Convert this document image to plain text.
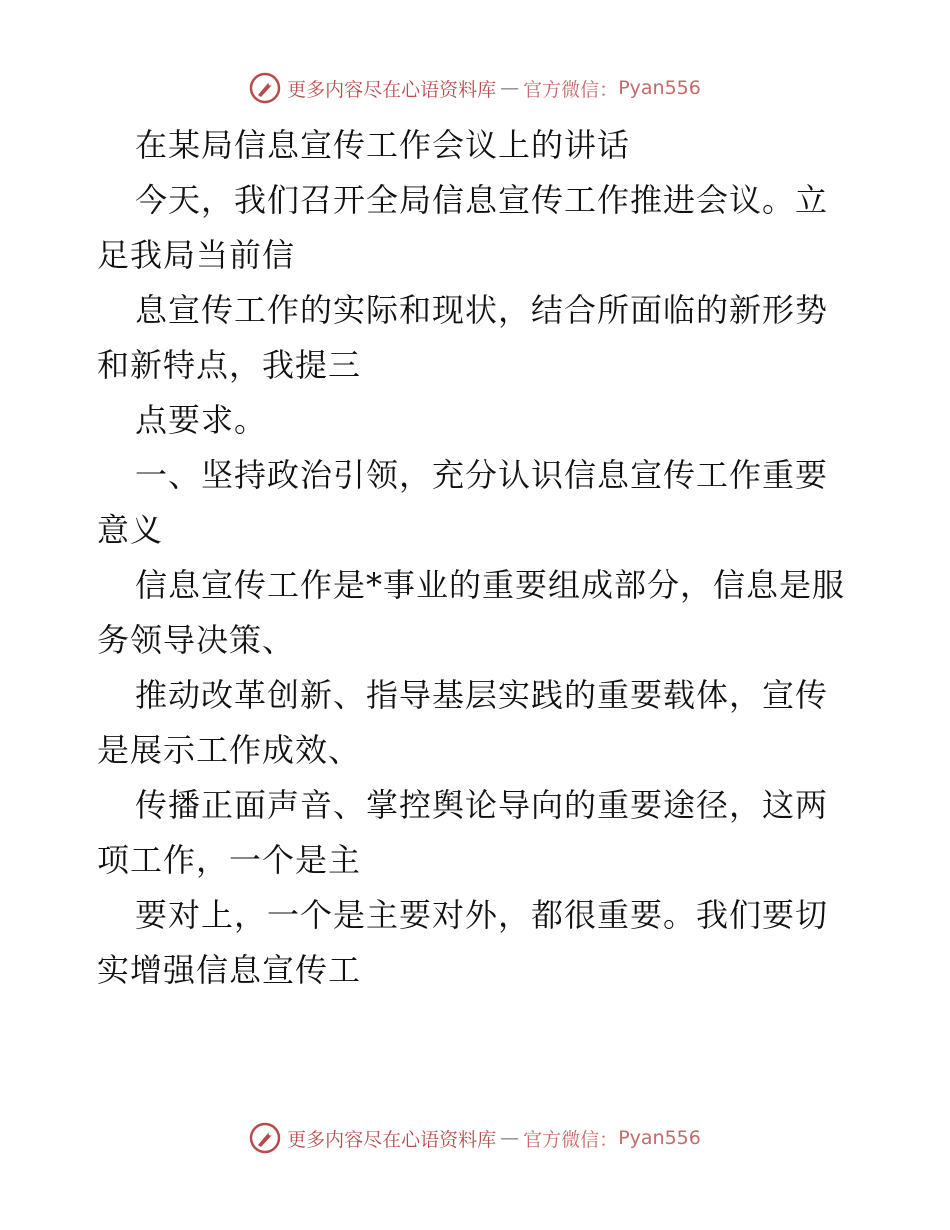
更多内容尽在心语资料库 — 官方微信： Pyan556

在某局信息宣传工作会议上的讲话

今天，我们召开全局信息宣传工作推进会议。立足我局当前信

息宣传工作的实际和现状，结合所面临的新形势和新特点，我提三

点要求。

一、坚持政治引领，充分认识信息宣传工作重要意义

信息宣传工作是*事业的重要组成部分，信息是服务领导决策、

推动改革创新、指导基层实践的重要载体，宣传是展示工作成效、

传播正面声音、掌控舆论导向的重要途径，这两项工作，一个是主

要对上，一个是主要对外，都很重要。我们要切实增强信息宣传工

更多内容尽在心语资料库 — 官方微信： Pyan556
